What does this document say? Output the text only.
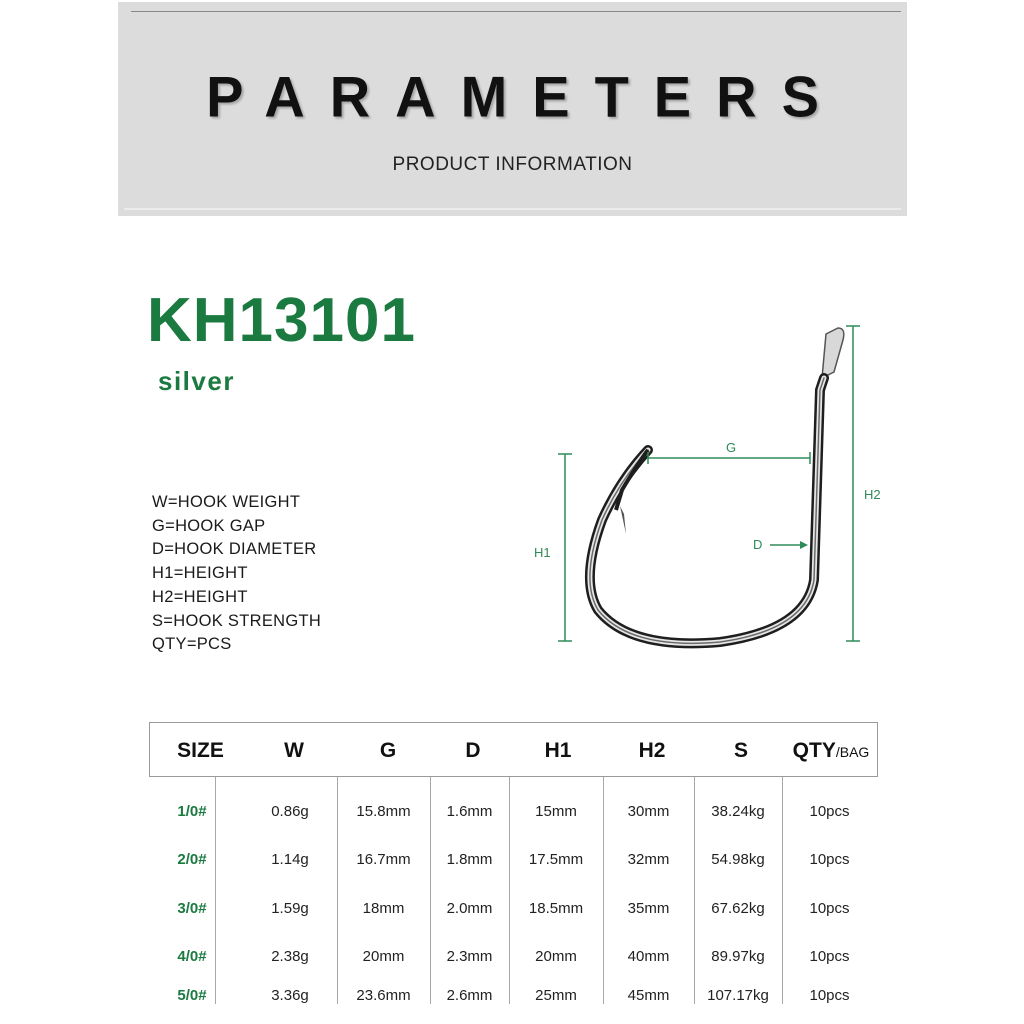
PARAMETERS
PRODUCT INFORMATION
KH13101
silver
W=HOOK WEIGHT
G=HOOK GAP
D=HOOK DIAMETER
H1=HEIGHT
H2=HEIGHT
S=HOOK STRENGTH
QTY=PCS
G
D
H1
H2
SIZE	W	G	D	H1	H2	S	QTY/BAG
1/0#	0.86g	15.8mm	1.6mm	15mm	30mm	38.24kg	10pcs
2/0#	1.14g	16.7mm	1.8mm	17.5mm	32mm	54.98kg	10pcs
3/0#	1.59g	18mm	2.0mm	18.5mm	35mm	67.62kg	10pcs
4/0#	2.38g	20mm	2.3mm	20mm	40mm	89.97kg	10pcs
5/0#	3.36g	23.6mm	2.6mm	25mm	45mm	107.17kg	10pcs
